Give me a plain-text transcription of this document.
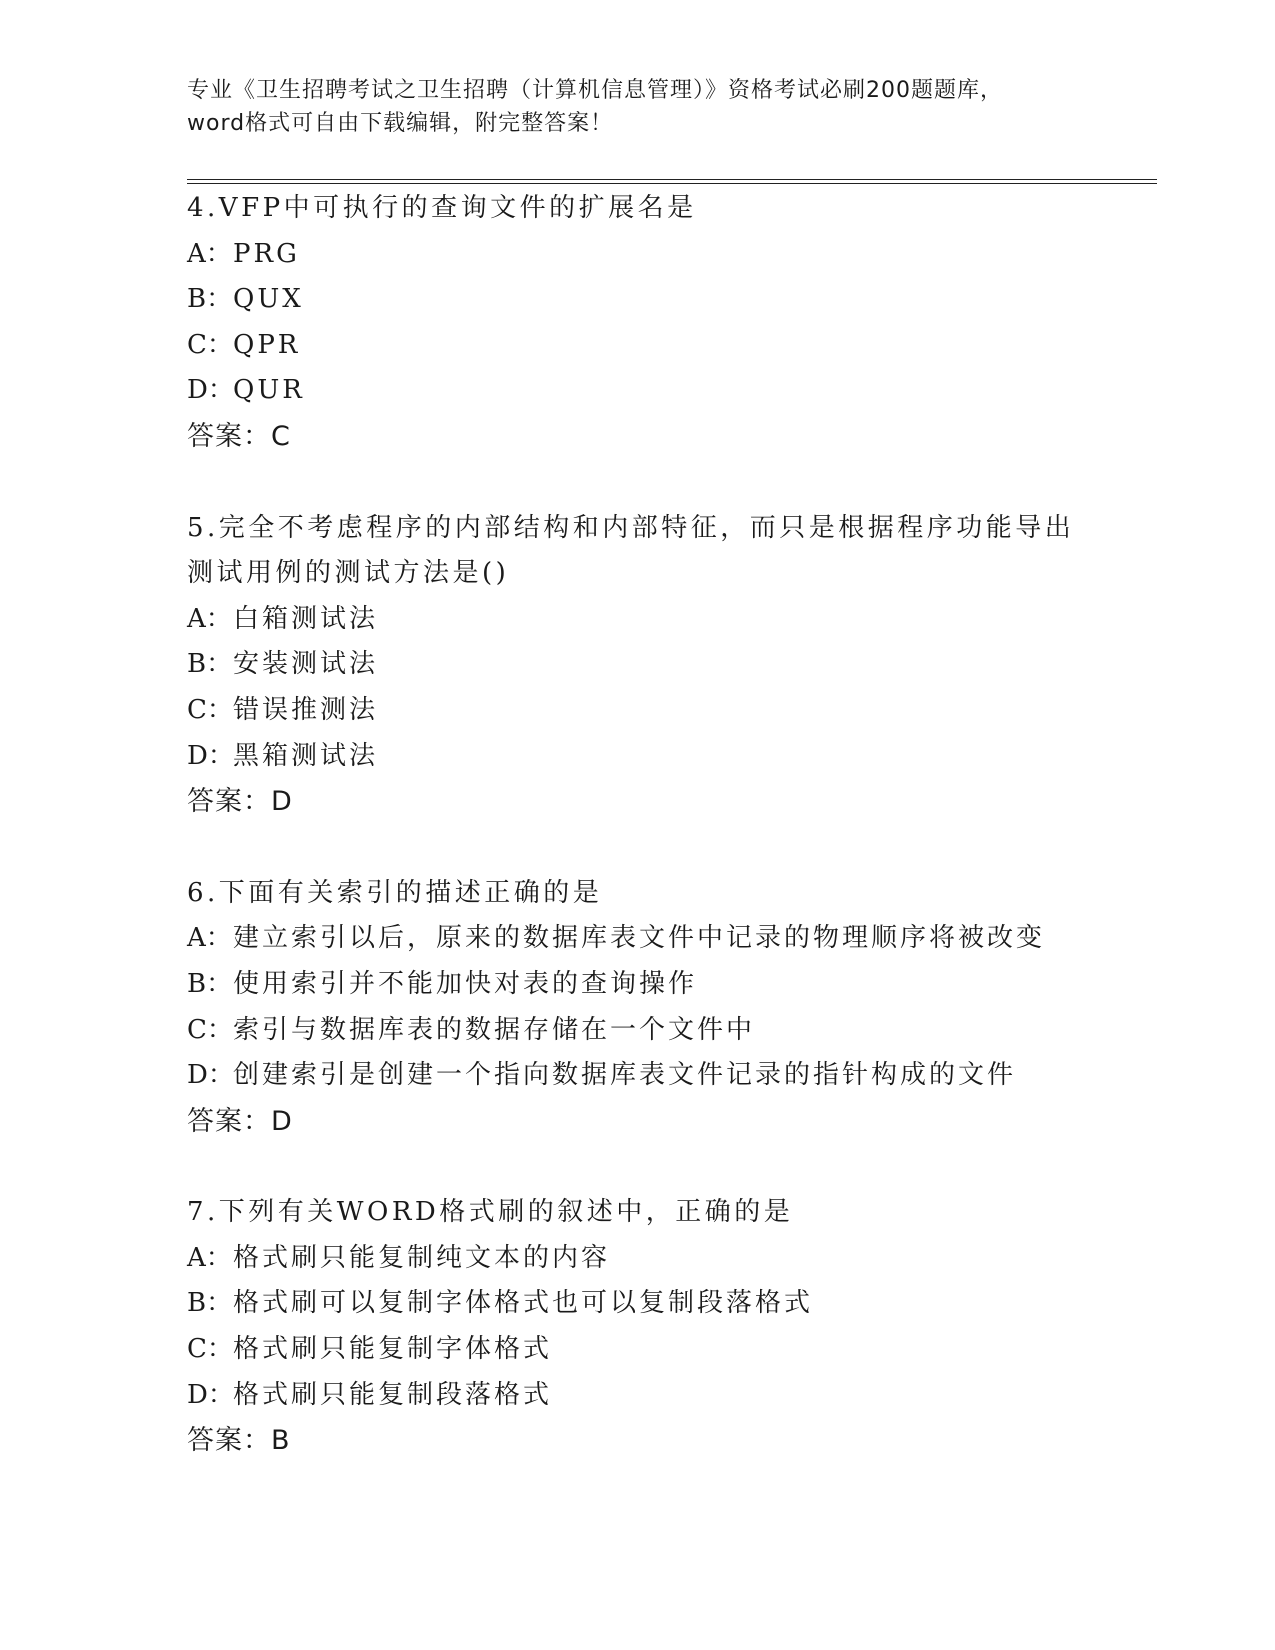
专业《卫生招聘考试之卫生招聘（计算机信息管理）》资格考试必刷200题题库，
word格式可自由下载编辑，附完整答案！
4.VFP中可执行的查询文件的扩展名是
A：PRG
B：QUX
C：QPR
D：QUR
答案：C
5.完全不考虑程序的内部结构和内部特征，而只是根据程序功能导出
测试用例的测试方法是()
A：白箱测试法
B：安装测试法
C：错误推测法
D：黑箱测试法
答案：D
6.下面有关索引的描述正确的是
A：建立索引以后，原来的数据库表文件中记录的物理顺序将被改变
B：使用索引并不能加快对表的查询操作
C：索引与数据库表的数据存储在一个文件中
D：创建索引是创建一个指向数据库表文件记录的指针构成的文件
答案：D
7.下列有关WORD格式刷的叙述中，正确的是
A：格式刷只能复制纯文本的内容
B：格式刷可以复制字体格式也可以复制段落格式
C：格式刷只能复制字体格式
D：格式刷只能复制段落格式
答案：B
